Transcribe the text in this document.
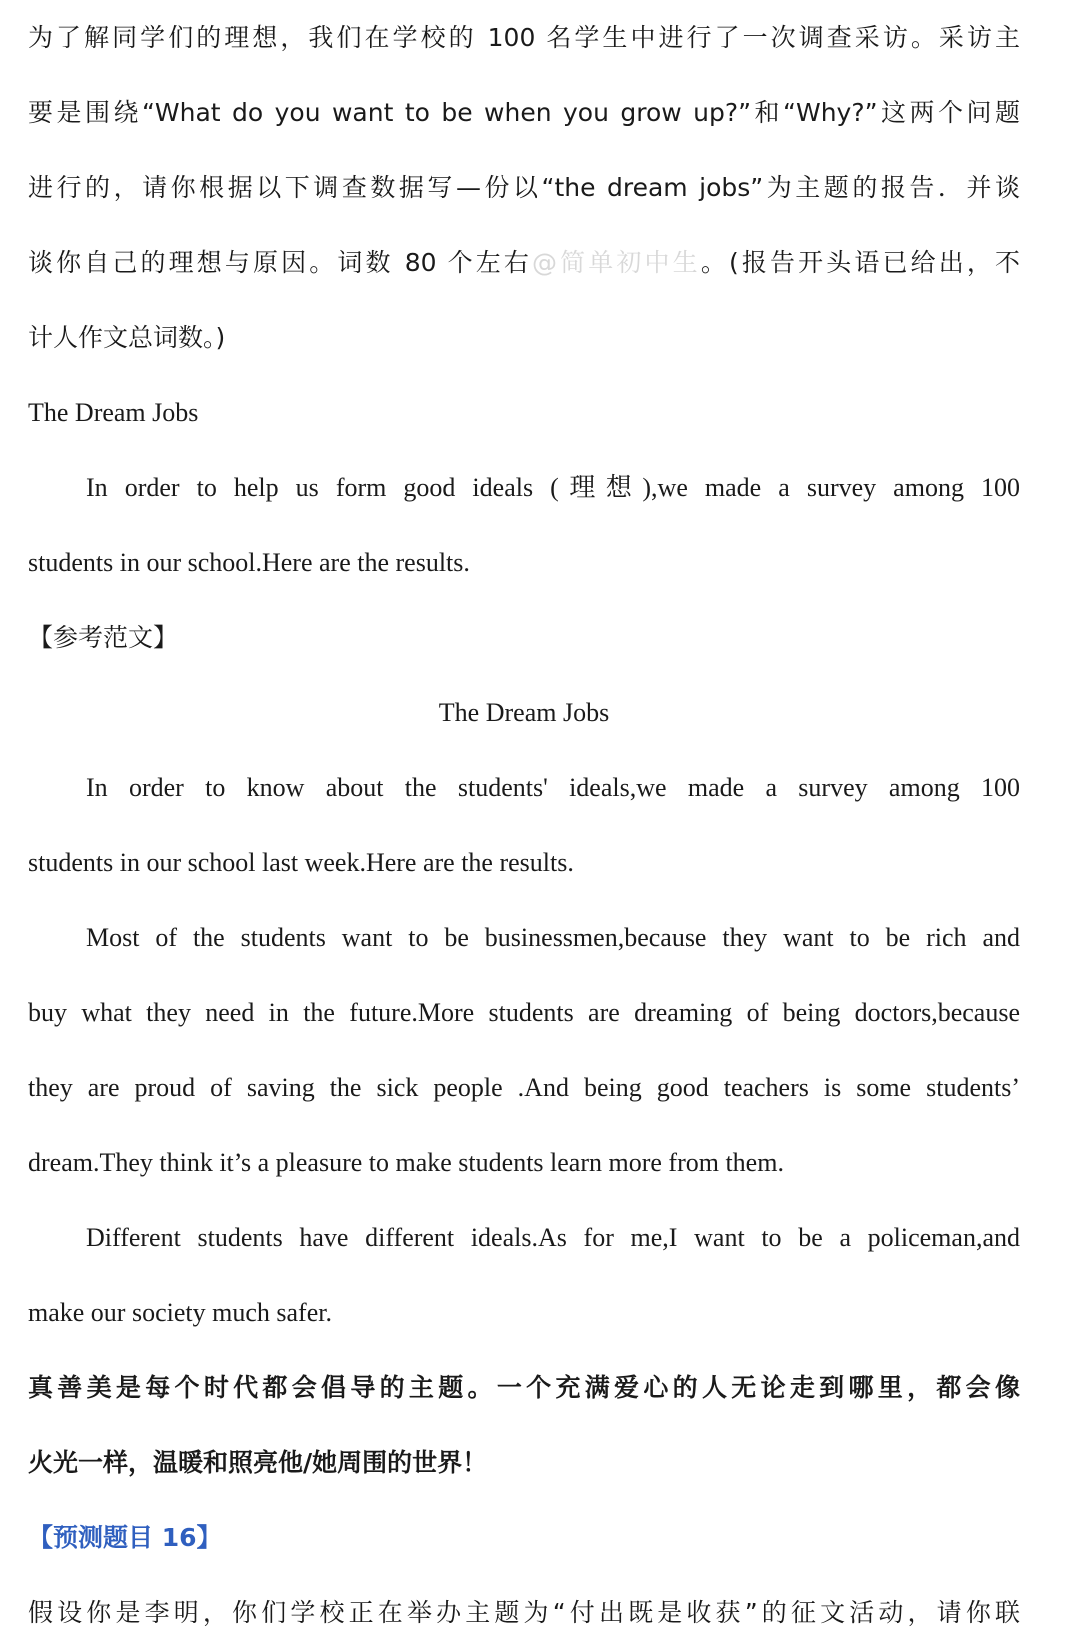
为了解同学们的理想，我们在学校的 100 名学生中进行了一次调查采访。采访主
要是围绕“What do you want to be when you grow up?”和“Why?”这两个问题
进行的，请你根据以下调查数据写—份以“the dream jobs”为主题的报告．并谈
谈你自己的理想与原因。词数 80 个左右@简单初中生。(报告开头语已给出，不
计人作文总词数。)
The Dream Jobs
In order to help us form good ideals (理想),we made a survey among 100
students in our school.Here are the results.
【参考范文】
The Dream Jobs
In order to know about the students' ideals,we made a survey among 100
students in our school last week.Here are the results.
Most of the students want to be businessmen,because they want to be rich and
buy what they need in the future.More students are dreaming of being doctors,because
they are proud of saving the sick people .And being good teachers is some students’
dream.They think it’s a pleasure to make students learn more from them.
Different students have different ideals.As for me,I want to be a policeman,and
make our society much safer.
真善美是每个时代都会倡导的主题。一个充满爱心的人无论走到哪里，都会像
火光一样，温暖和照亮他/她周围的世界！
【预测题目 16】
假设你是李明，你们学校正在举办主题为“付出既是收获”的征文活动，请你联
